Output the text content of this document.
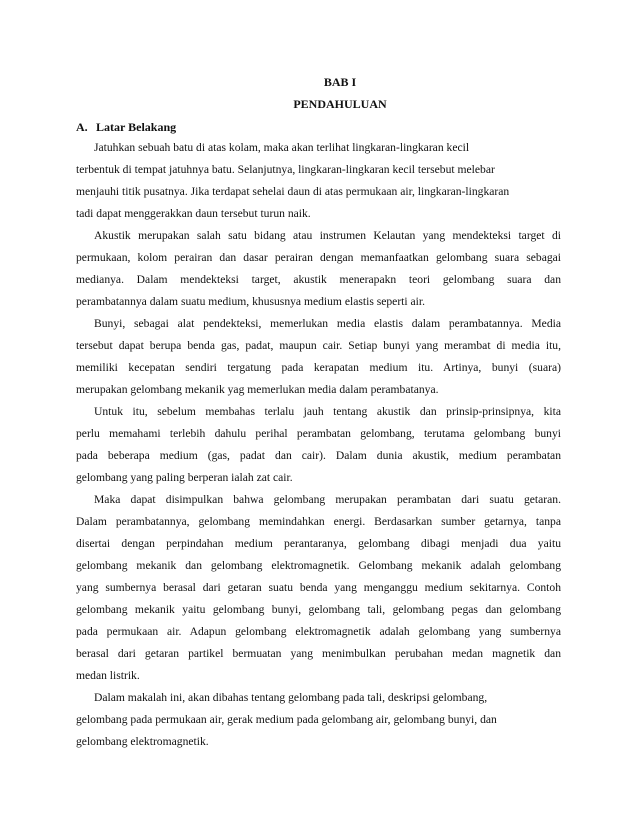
BAB I
PENDAHULUAN
A. Latar Belakang
Jatuhkan sebuah batu di atas kolam, maka akan terlihat lingkaran-lingkaran kecil
terbentuk di tempat jatuhnya batu. Selanjutnya, lingkaran-lingkaran kecil tersebut melebar
menjauhi titik pusatnya. Jika terdapat sehelai daun di atas permukaan air, lingkaran-lingkaran
tadi dapat menggerakkan daun tersebut turun naik.
Akustik merupakan salah satu bidang atau instrumen Kelautan yang mendekteksi target di
permukaan, kolom perairan dan dasar perairan dengan memanfaatkan gelombang suara sebagai
medianya. Dalam mendekteksi target, akustik menerapakn teori gelombang suara dan
perambatannya dalam suatu medium, khususnya medium elastis seperti air.
Bunyi, sebagai alat pendekteksi, memerlukan media elastis dalam perambatannya. Media
tersebut dapat berupa benda gas, padat, maupun cair. Setiap bunyi yang merambat di media itu,
memiliki kecepatan sendiri tergatung pada kerapatan medium itu. Artinya, bunyi (suara)
merupakan gelombang mekanik yag memerlukan media dalam perambatanya.
Untuk itu, sebelum membahas terlalu jauh tentang akustik dan prinsip-prinsipnya, kita
perlu memahami terlebih dahulu perihal perambatan gelombang, terutama gelombang bunyi
pada beberapa medium (gas, padat dan cair). Dalam dunia akustik, medium perambatan
gelombang yang paling berperan ialah zat cair.
Maka dapat disimpulkan bahwa gelombang merupakan perambatan dari suatu getaran.
Dalam perambatannya, gelombang memindahkan energi. Berdasarkan sumber getarnya, tanpa
disertai dengan perpindahan medium perantaranya, gelombang dibagi menjadi dua yaitu
gelombang mekanik dan gelombang elektromagnetik. Gelombang mekanik adalah gelombang
yang sumbernya berasal dari getaran suatu benda yang menganggu medium sekitarnya. Contoh
gelombang mekanik yaitu gelombang bunyi, gelombang tali, gelombang pegas dan gelombang
pada permukaan air. Adapun gelombang elektromagnetik adalah gelombang yang sumbernya
berasal dari getaran partikel bermuatan yang menimbulkan perubahan medan magnetik dan
medan listrik.
Dalam makalah ini, akan dibahas tentang gelombang pada tali, deskripsi gelombang,
gelombang pada permukaan air, gerak medium pada gelombang air, gelombang bunyi, dan
gelombang elektromagnetik.
